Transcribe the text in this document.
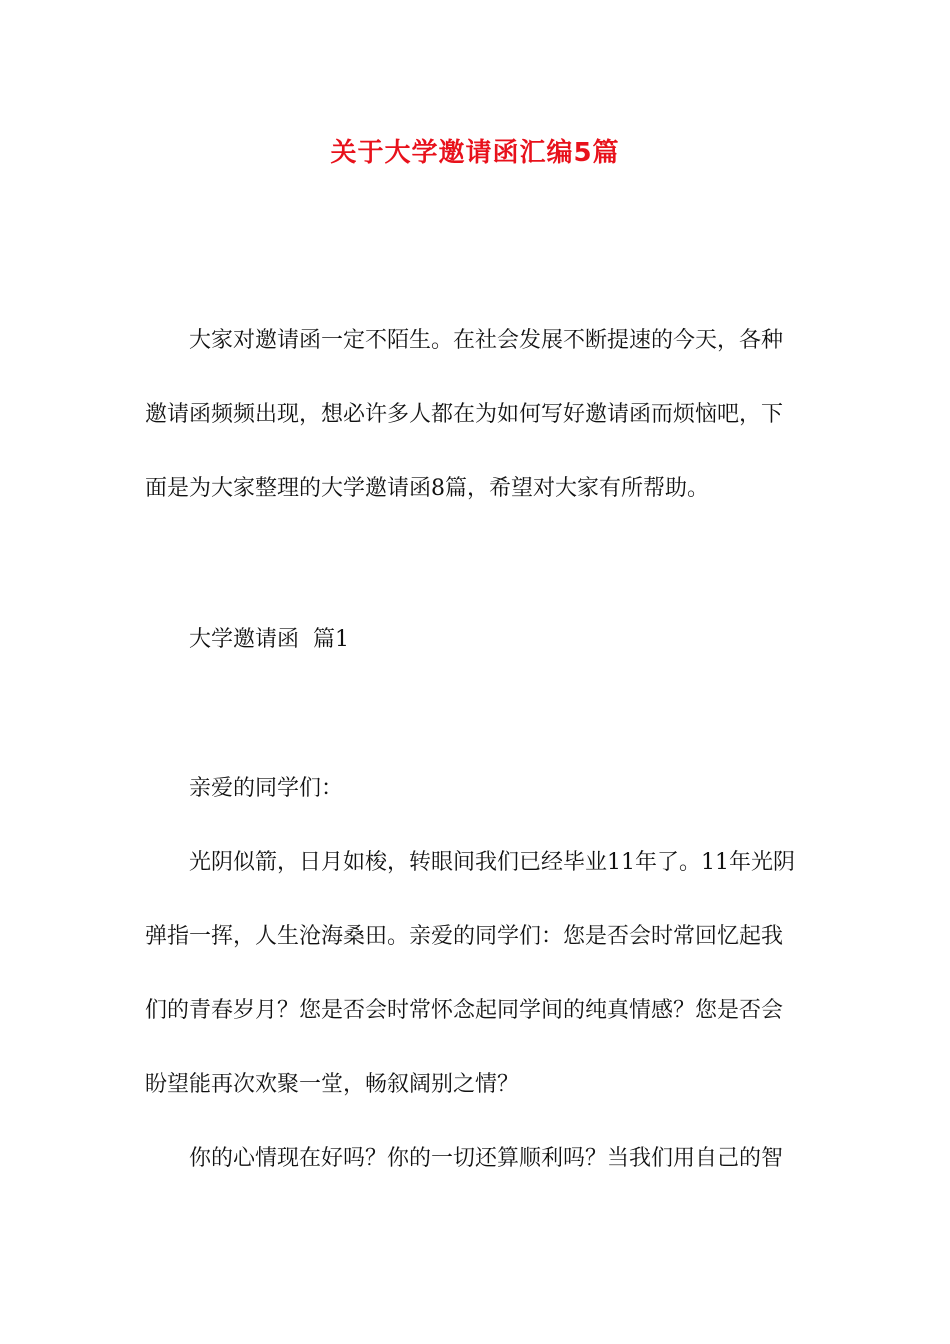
关于大学邀请函汇编5篇
大家对邀请函一定不陌生。在社会发展不断提速的今天，各种
邀请函频频出现，想必许多人都在为如何写好邀请函而烦恼吧，下
面是为大家整理的大学邀请函8篇，希望对大家有所帮助。
大学邀请函  篇1
亲爱的同学们：
光阴似箭，日月如梭，转眼间我们已经毕业11年了。11年光阴
弹指一挥，人生沧海桑田。亲爱的同学们：您是否会时常回忆起我
们的青春岁月？您是否会时常怀念起同学间的纯真情感？您是否会
盼望能再次欢聚一堂，畅叙阔别之情？
你的心情现在好吗？你的一切还算顺利吗？当我们用自己的智
